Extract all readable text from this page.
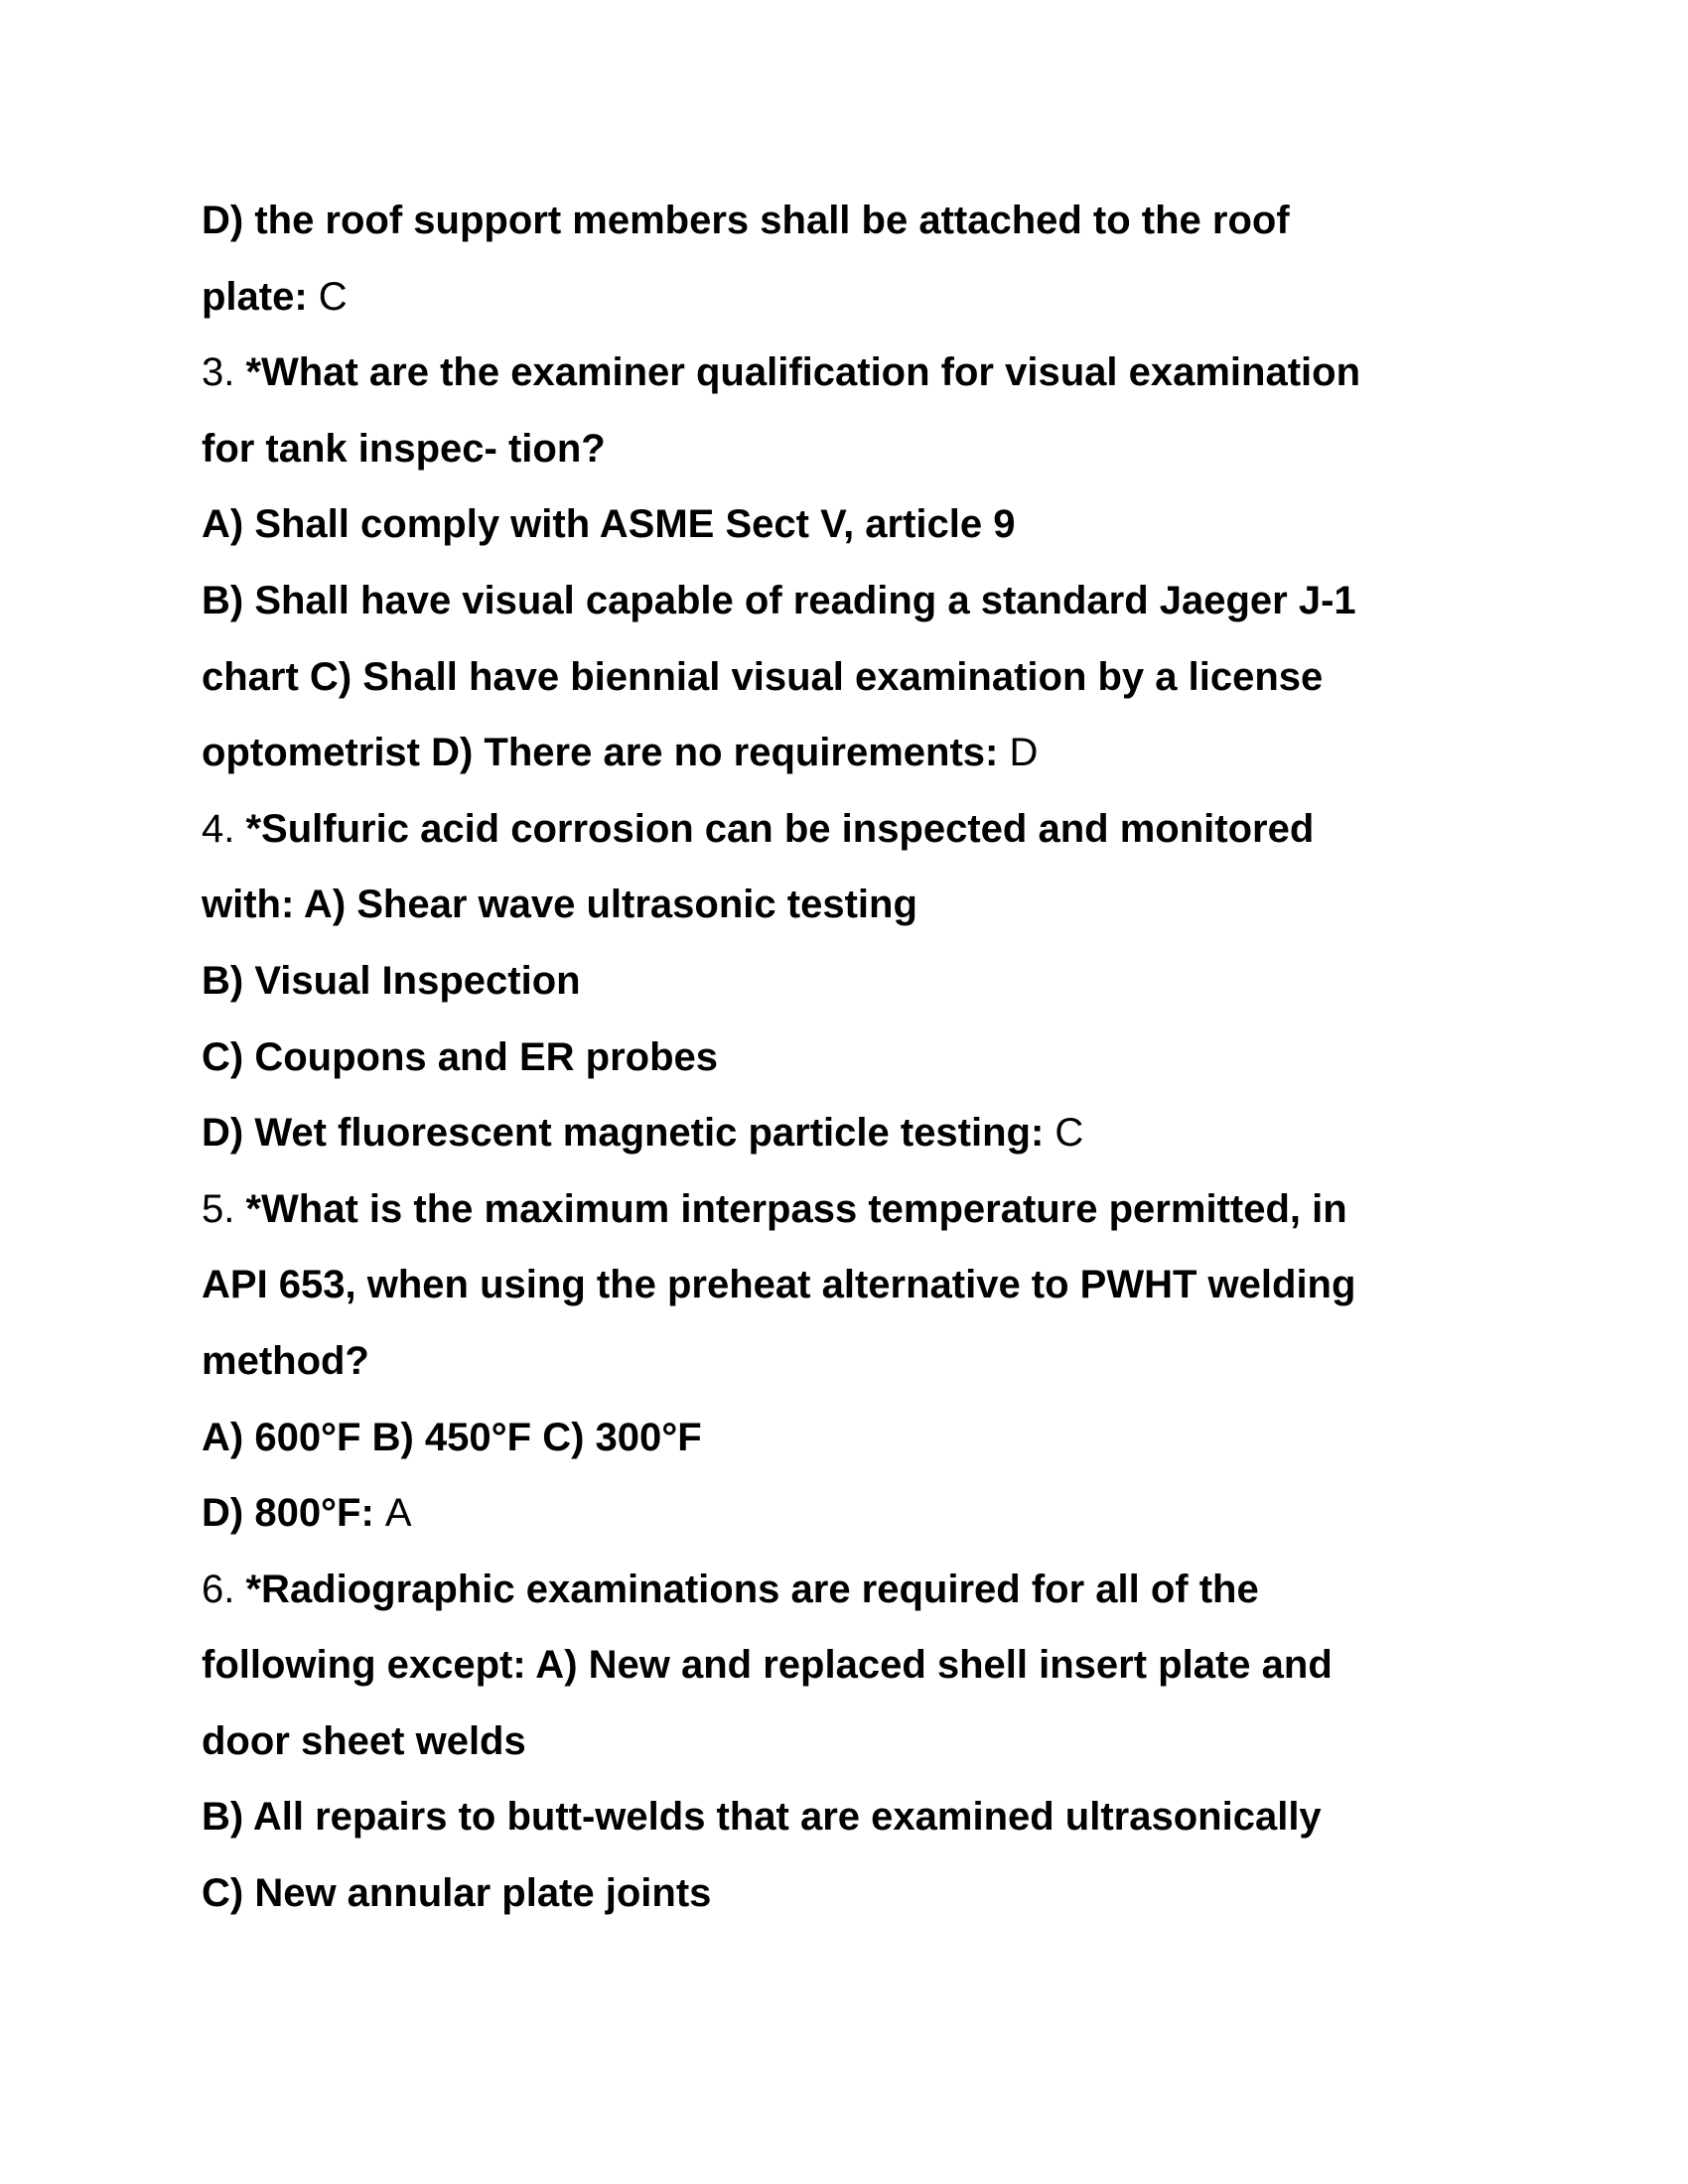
D) the roof support members shall be attached to the roof
plate: C
3. *What are the examiner qualification for visual examination
for tank inspec- tion?
A) Shall comply with ASME Sect V, article 9
B) Shall have visual capable of reading a standard Jaeger J-1
chart C) Shall have biennial visual examination by a license
optometrist D) There are no requirements: D
4. *Sulfuric acid corrosion can be inspected and monitored
with: A) Shear wave ultrasonic testing
B) Visual Inspection
C) Coupons and ER probes
D) Wet fluorescent magnetic particle testing: C
5. *What is the maximum interpass temperature permitted, in
API 653, when using the preheat alternative to PWHT welding
method?
A) 600°F B) 450°F C) 300°F
D) 800°F: A
6. *Radiographic examinations are required for all of the
following except: A) New and replaced shell insert plate and
door sheet welds
B) All repairs to butt-welds that are examined ultrasonically
C) New annular plate joints
